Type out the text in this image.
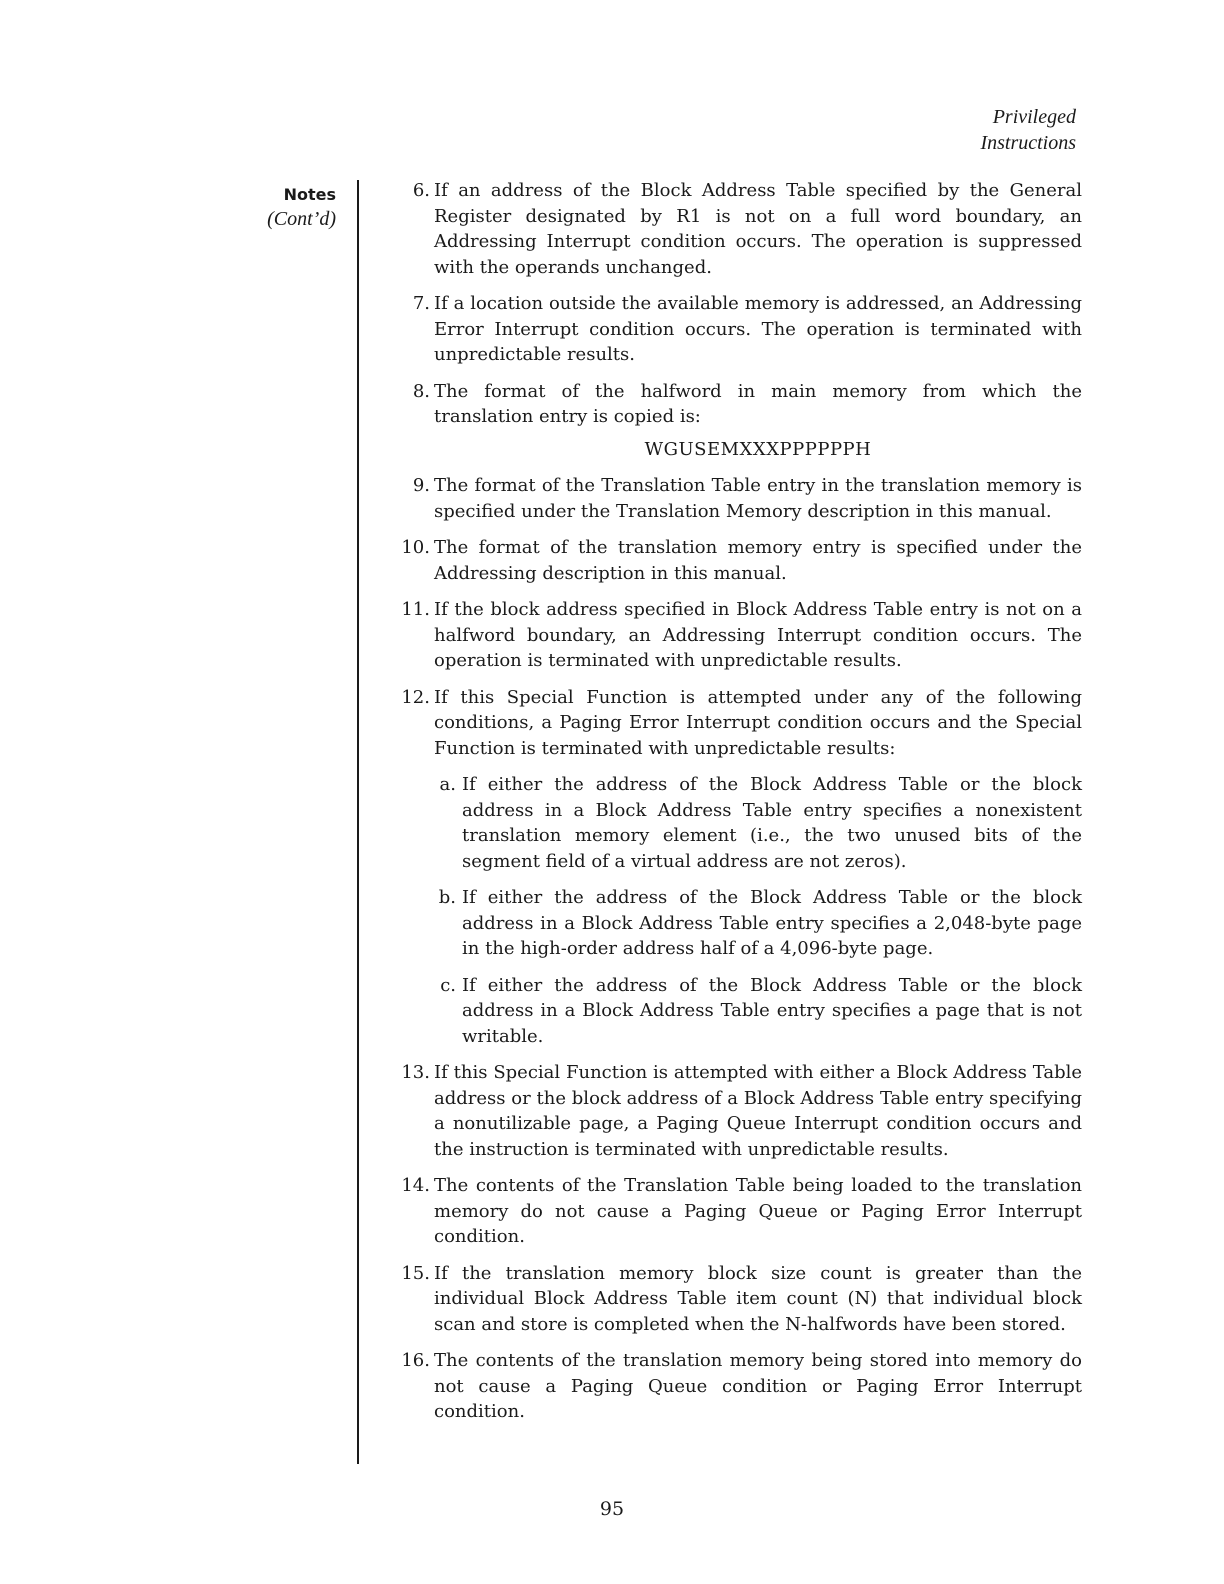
Privileged
Instructions
Notes
(Cont’d)
6. If an address of the Block Address Table specified by the General Register designated by R1 is not on a full word boundary, an Addressing Interrupt condition occurs. The operation is suppressed with the operands unchanged.
7. If a location outside the available memory is addressed, an Addressing Error Interrupt condition occurs. The operation is terminated with unpredictable results.
8. The format of the halfword in main memory from which the translation entry is copied is:
WGUSEMXXXPPPPPPH
9. The format of the Translation Table entry in the translation memory is specified under the Translation Memory description in this manual.
10. The format of the translation memory entry is specified under the Addressing description in this manual.
11. If the block address specified in Block Address Table entry is not on a halfword boundary, an Addressing Interrupt condition occurs. The operation is terminated with unpredictable results.
12. If this Special Function is attempted under any of the following conditions, a Paging Error Interrupt condition occurs and the Special Function is terminated with unpredictable results:
a. If either the address of the Block Address Table or the block address in a Block Address Table entry specifies a nonexistent translation memory element (i.e., the two unused bits of the segment field of a virtual address are not zeros).
b. If either the address of the Block Address Table or the block address in a Block Address Table entry specifies a 2,048-byte page in the high-order address half of a 4,096-byte page.
c. If either the address of the Block Address Table or the block address in a Block Address Table entry specifies a page that is not writable.
13. If this Special Function is attempted with either a Block Address Table address or the block address of a Block Address Table entry specifying a nonutilizable page, a Paging Queue Interrupt condition occurs and the instruction is terminated with unpredictable results.
14. The contents of the Translation Table being loaded to the translation memory do not cause a Paging Queue or Paging Error Interrupt condition.
15. If the translation memory block size count is greater than the individual Block Address Table item count (N) that individual block scan and store is completed when the N-halfwords have been stored.
16. The contents of the translation memory being stored into memory do not cause a Paging Queue condition or Paging Error Interrupt condition.
95
